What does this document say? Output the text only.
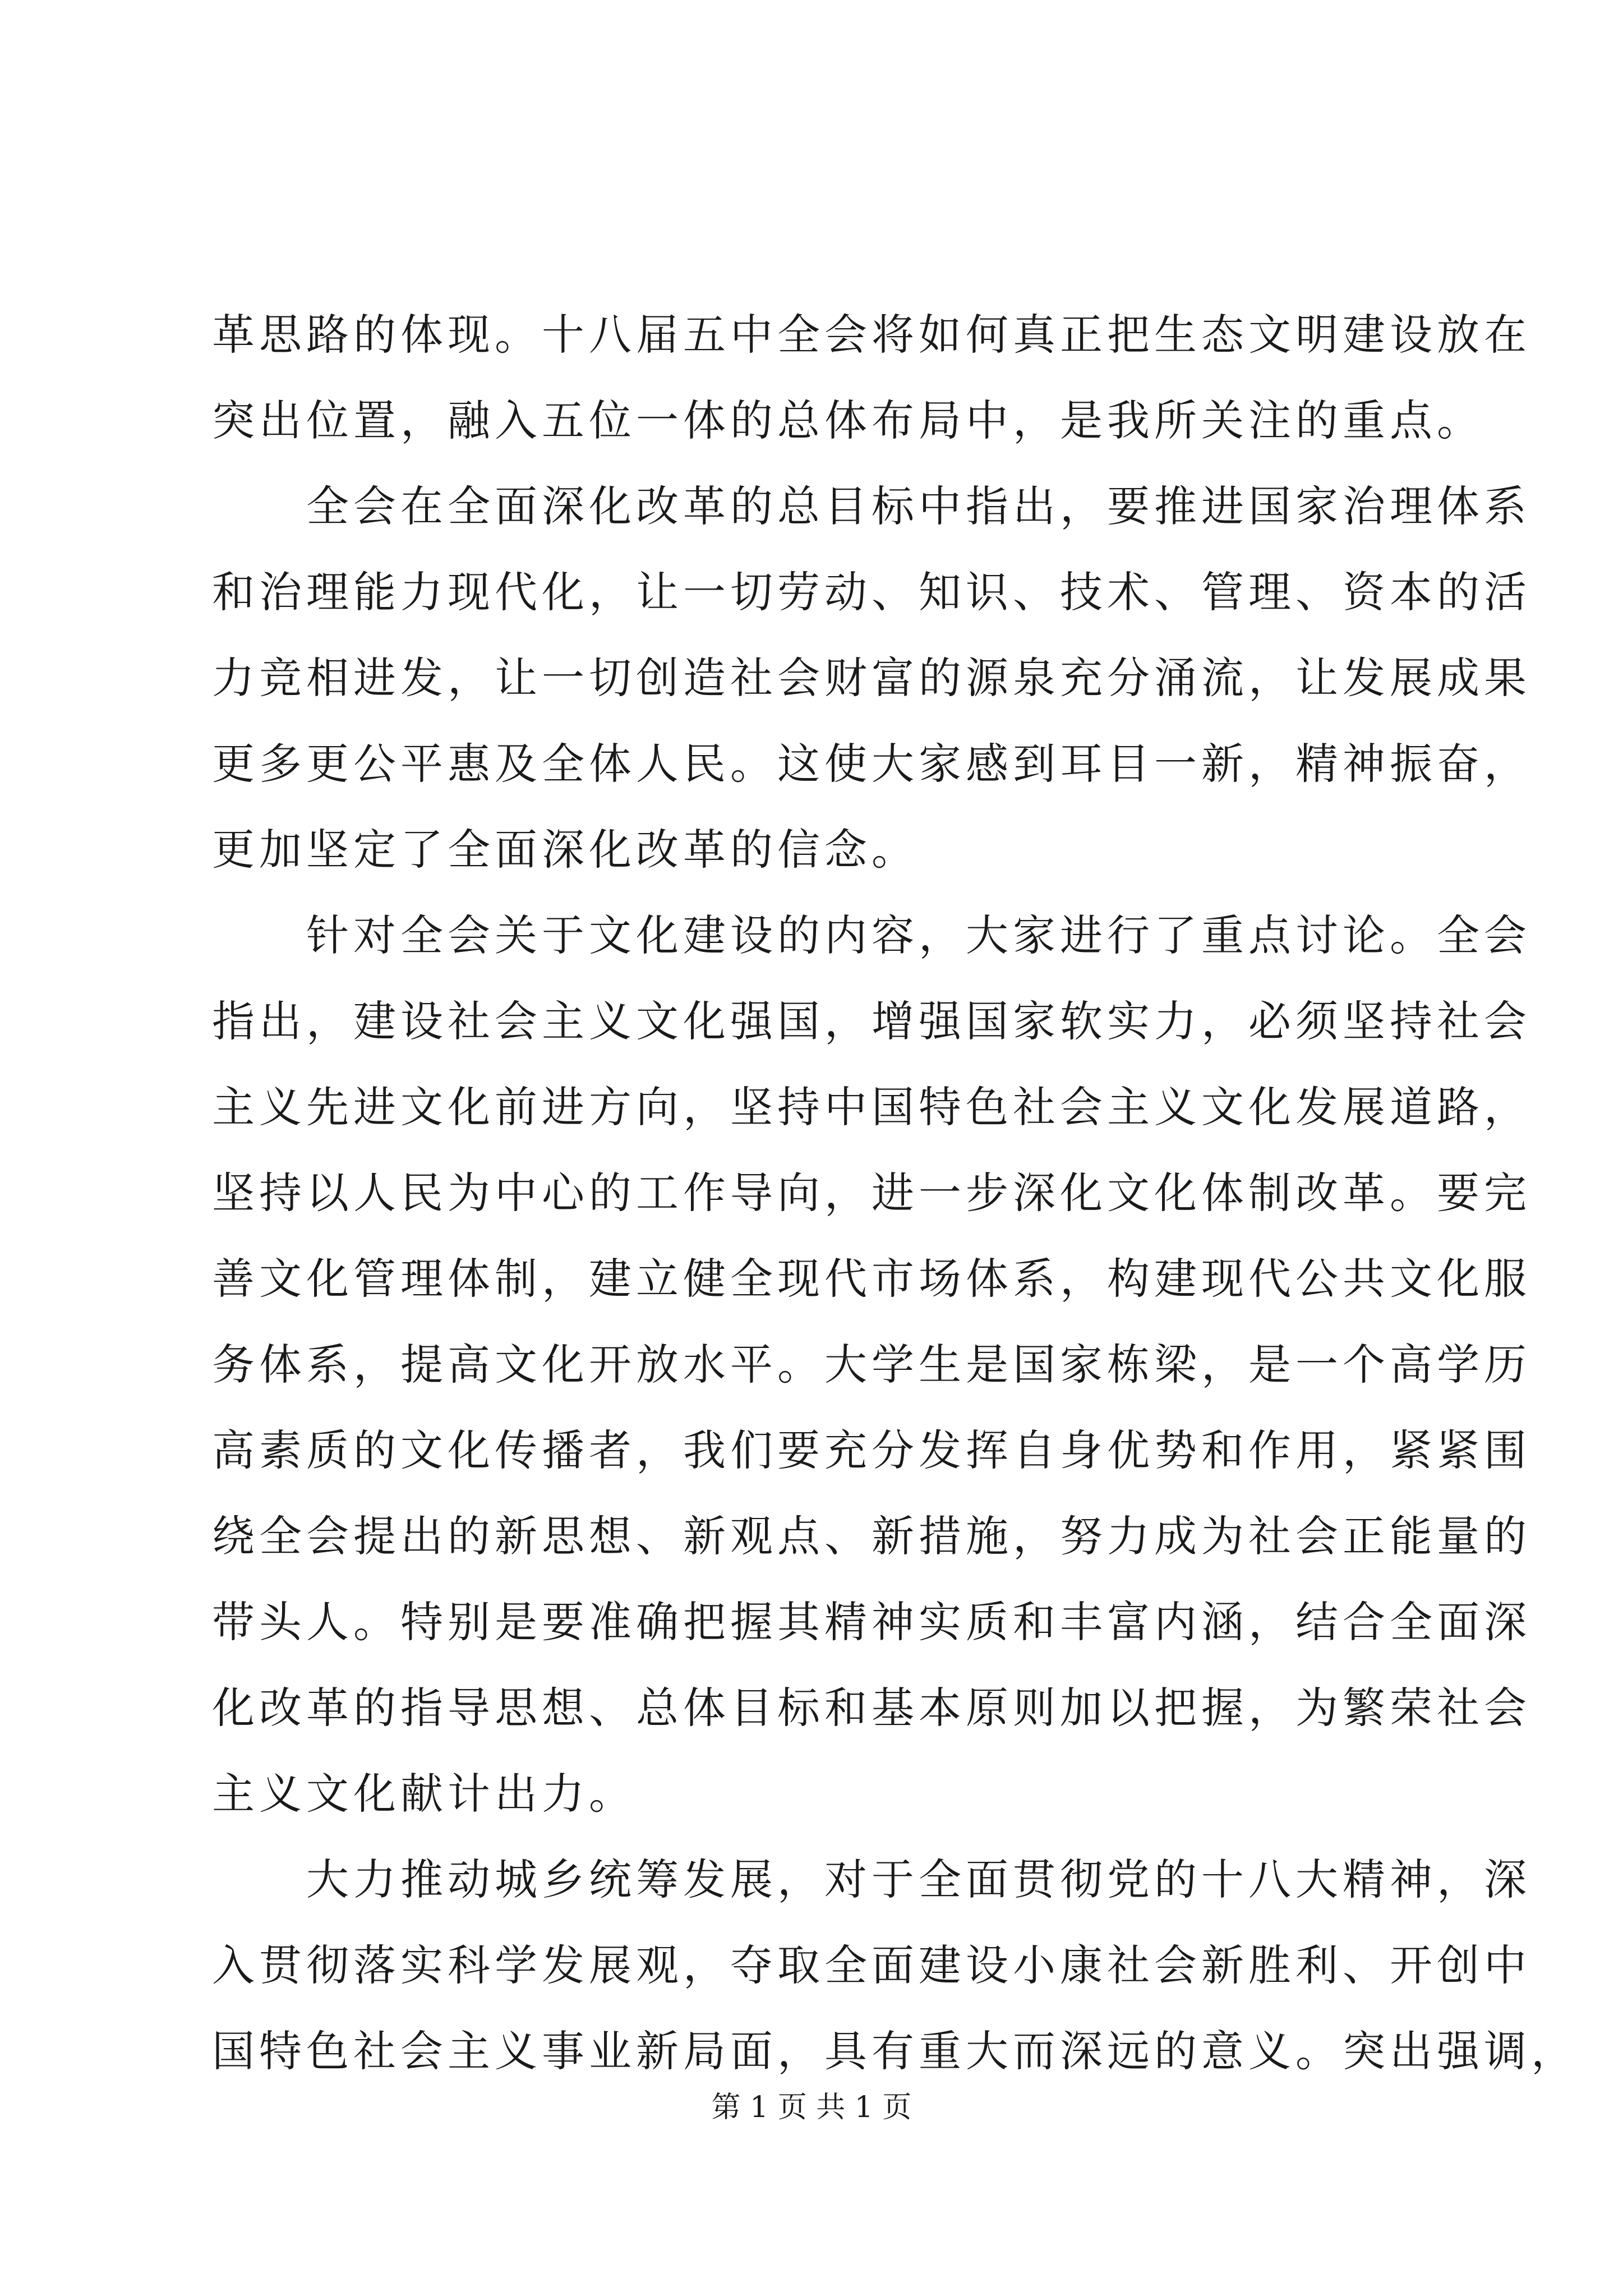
革思路的体现。十八届五中全会将如何真正把生态文明建设放在
突出位置，融入五位一体的总体布局中，是我所关注的重点。
全会在全面深化改革的总目标中指出，要推进国家治理体系
和治理能力现代化，让一切劳动、知识、技术、管理、资本的活
力竞相进发，让一切创造社会财富的源泉充分涌流，让发展成果
更多更公平惠及全体人民。这使大家感到耳目一新，精神振奋，
更加坚定了全面深化改革的信念。
针对全会关于文化建设的内容，大家进行了重点讨论。全会
指出，建设社会主义文化强国，增强国家软实力，必须坚持社会
主义先进文化前进方向，坚持中国特色社会主义文化发展道路，
坚持以人民为中心的工作导向，进一步深化文化体制改革。要完
善文化管理体制，建立健全现代市场体系，构建现代公共文化服
务体系，提高文化开放水平。大学生是国家栋梁，是一个高学历
高素质的文化传播者，我们要充分发挥自身优势和作用，紧紧围
绕全会提出的新思想、新观点、新措施，努力成为社会正能量的
带头人。特别是要准确把握其精神实质和丰富内涵，结合全面深
化改革的指导思想、总体目标和基本原则加以把握，为繁荣社会
主义文化献计出力。
大力推动城乡统筹发展，对于全面贯彻党的十八大精神，深
入贯彻落实科学发展观，夺取全面建设小康社会新胜利、开创中
国特色社会主义事业新局面，具有重大而深远的意义。突出强调，
第 1 页 共 1 页
